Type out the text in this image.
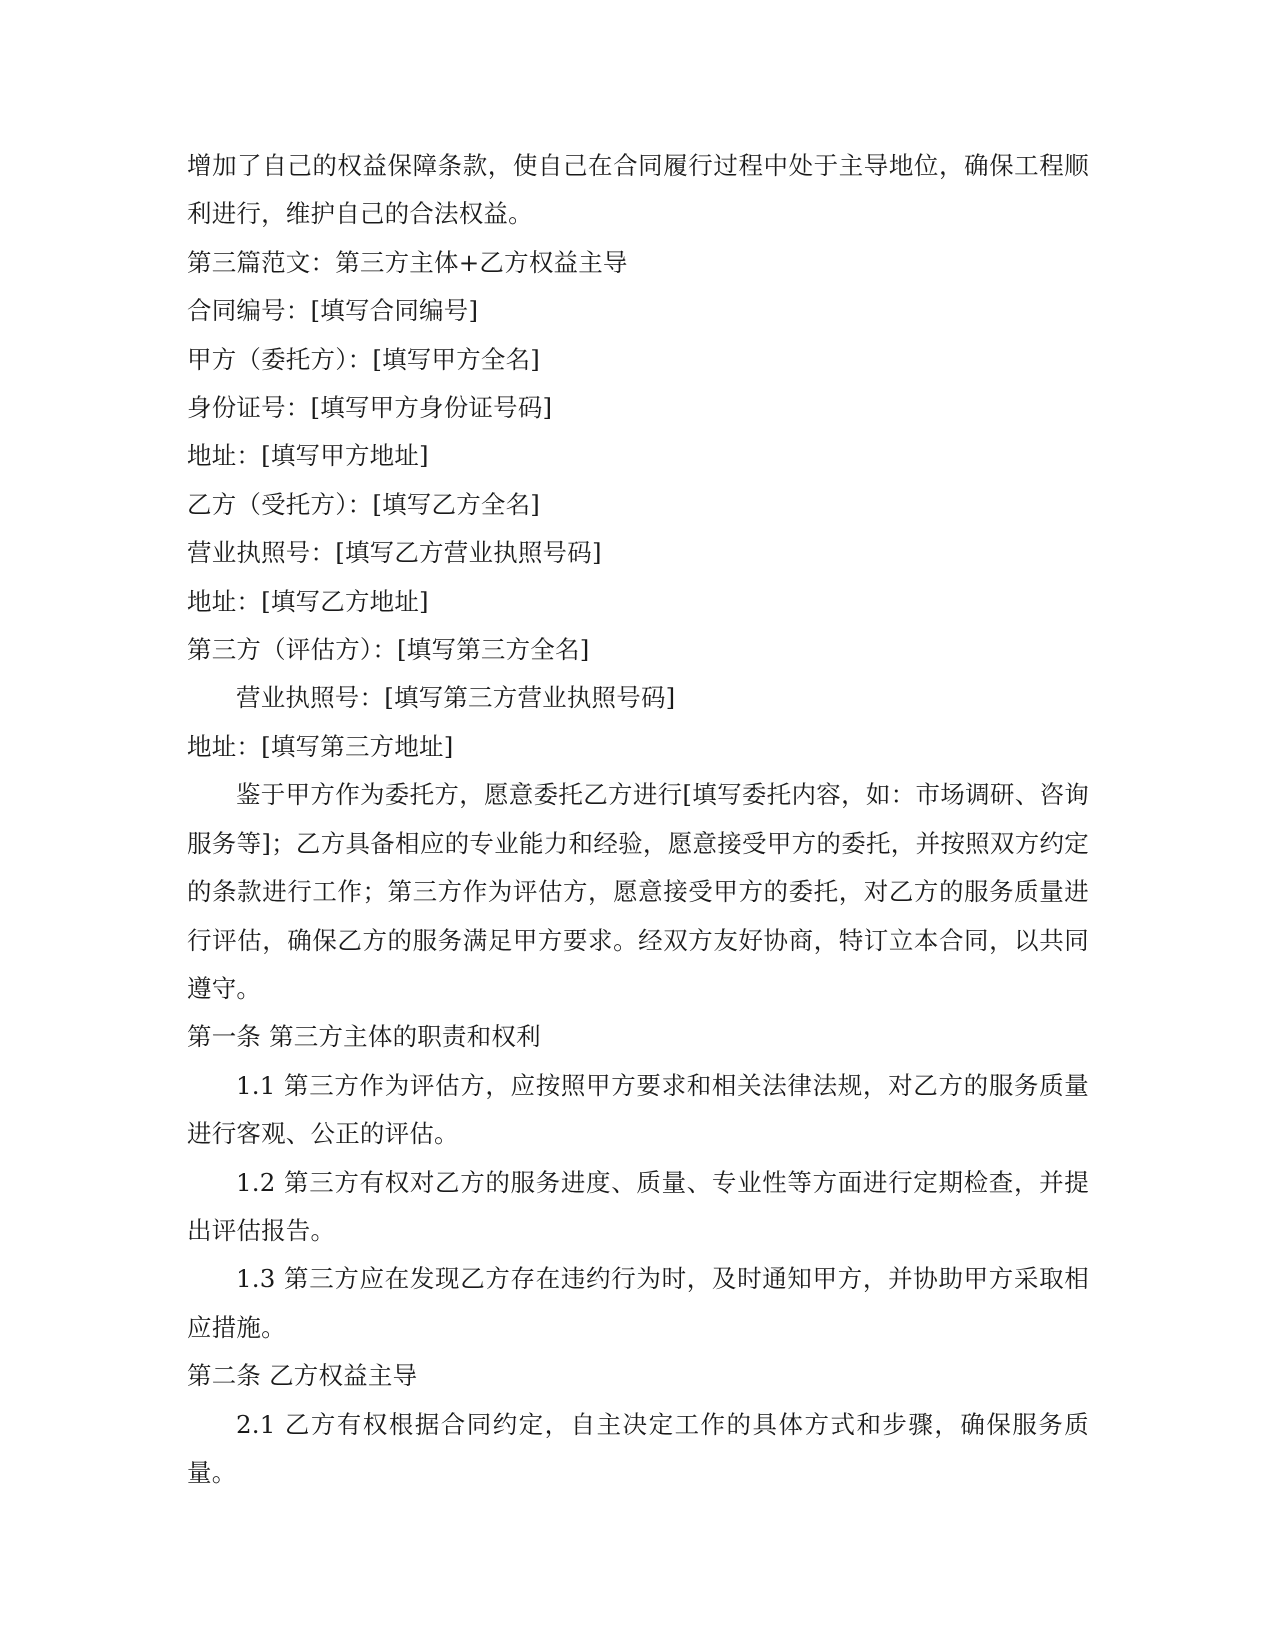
增加了自己的权益保障条款，使自己在合同履行过程中处于主导地位，确保工程顺利进行，维护自己的合法权益。

第三篇范文：第三方主体+乙方权益主导

合同编号：[填写合同编号]

甲方（委托方）：[填写甲方全名]

身份证号：[填写甲方身份证号码]

地址：[填写甲方地址]

乙方（受托方）：[填写乙方全名]

营业执照号：[填写乙方营业执照号码]

地址：[填写乙方地址]

第三方（评估方）：[填写第三方全名]

营业执照号：[填写第三方营业执照号码]

地址：[填写第三方地址]

鉴于甲方作为委托方，愿意委托乙方进行[填写委托内容，如：市场调研、咨询服务等]；乙方具备相应的专业能力和经验，愿意接受甲方的委托，并按照双方约定的条款进行工作；第三方作为评估方，愿意接受甲方的委托，对乙方的服务质量进行评估，确保乙方的服务满足甲方要求。经双方友好协商，特订立本合同，以共同遵守。

第一条 第三方主体的职责和权利

1.1 第三方作为评估方，应按照甲方要求和相关法律法规，对乙方的服务质量进行客观、公正的评估。

1.2 第三方有权对乙方的服务进度、质量、专业性等方面进行定期检查，并提出评估报告。

1.3 第三方应在发现乙方存在违约行为时，及时通知甲方，并协助甲方采取相应措施。

第二条 乙方权益主导

2.1 乙方有权根据合同约定，自主决定工作的具体方式和步骤，确保服务质量。
